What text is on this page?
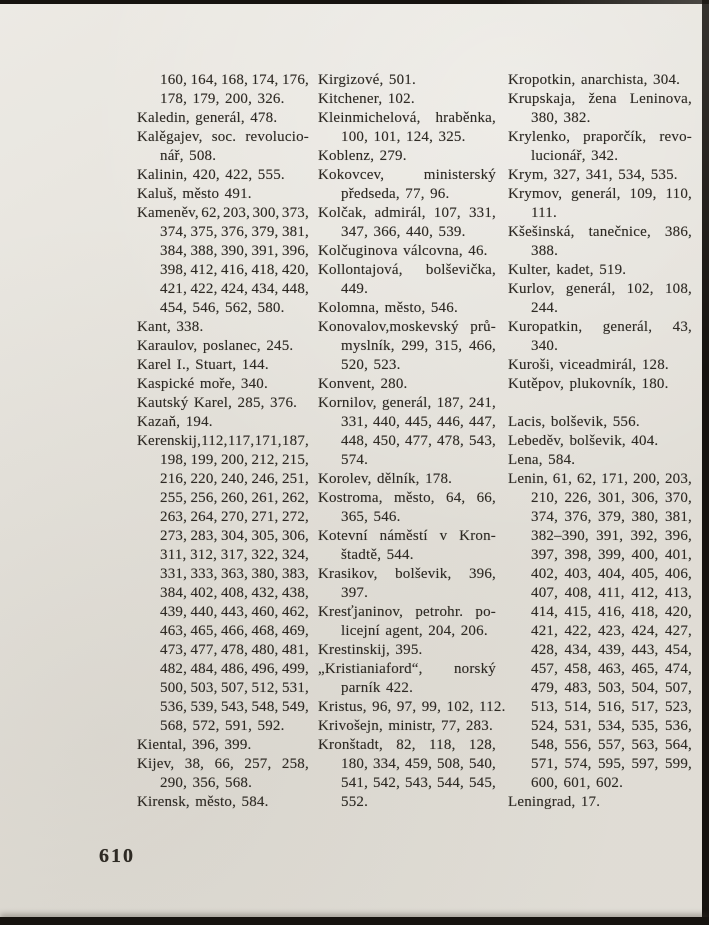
160, 164, 168, 174, 176,
178, 179, 200, 326.
Kaledin, generál, 478.
Kalěgajev, soc. revolucio-
nář, 508.
Kalinin, 420, 422, 555.
Kaluš, město 491.
Kameněv, 62, 203, 300, 373,
374, 375, 376, 379, 381,
384, 388, 390, 391, 396,
398, 412, 416, 418, 420,
421, 422, 424, 434, 448,
454, 546, 562, 580.
Kant, 338.
Karaulov, poslanec, 245.
Karel I., Stuart, 144.
Kaspické moře, 340.
Kautský Karel, 285, 376.
Kazaň, 194.
Kerenskij,112, 117, 171, 187,
198, 199, 200, 212, 215,
216, 220, 240, 246, 251,
255, 256, 260, 261, 262,
263, 264, 270, 271, 272,
273, 283, 304, 305, 306,
311, 312, 317, 322, 324,
331, 333, 363, 380, 383,
384, 402, 408, 432, 438,
439, 440, 443, 460, 462,
463, 465, 466, 468, 469,
473, 477, 478, 480, 481,
482, 484, 486, 496, 499,
500, 503, 507, 512, 531,
536, 539, 543, 548, 549,
568, 572, 591, 592.
Kiental, 396, 399.
Kijev, 38, 66, 257, 258,
290, 356, 568.
Kirensk, město, 584.
Kirgizové, 501.
Kitchener, 102.
Kleinmichelová, hraběnka,
100, 101, 124, 325.
Koblenz, 279.
Kokovcev,	ministerský
předseda, 77, 96.
Kolčak, admirál, 107, 331,
347, 366, 440, 539.
Kolčuginova válcovna, 46.
Kollontajová, bolševička,
449.
Kolomna, město, 546.
Konovalov,moskevský prů-
myslník, 299, 315, 466,
520, 523.
Konvent, 280.
Kornilov, generál, 187, 241,
331, 440, 445, 446, 447,
448, 450, 477, 478, 543,
574.
Korolev, dělník, 178.
Kostroma, město, 64, 66,
365, 546.
Kotevní náměstí v Kron-
štadtě, 544.
Krasikov, bolševik, 396,
397.
Kresťjaninov, petrohr. po-
licejní agent, 204, 206.
Krestinskij, 395.
„Kristianiaford“, norský
parník 422.
Kristus, 96, 97, 99, 102, 112.
Krivošejn, ministr, 77, 283.
Kronštadt, 82, 118, 128,
180, 334, 459, 508, 540,
541, 542, 543, 544, 545,
552.
Kropotkin, anarchista, 304.
Krupskaja, žena Leninova,
380, 382.
Krylenko, praporčík, revo-
lucionář, 342.
Krym, 327, 341, 534, 535.
Krymov, generál, 109, 110,
111.
Kšešinská, tanečnice, 386,
388.
Kulter, kadet, 519.
Kurlov, generál, 102, 108,
244.
Kuropatkin, generál, 43,
340.
Kuroši, viceadmirál, 128.
Kutěpov, plukovník, 180.

Lacis, bolševik, 556.
Lebeděv, bolševik, 404.
Lena, 584.
Lenin, 61, 62, 171, 200, 203,
210, 226, 301, 306, 370,
374, 376, 379, 380, 381,
382–390, 391, 392, 396,
397, 398, 399, 400, 401,
402, 403, 404, 405, 406,
407, 408, 411, 412, 413,
414, 415, 416, 418, 420,
421, 422, 423, 424, 427,
428, 434, 439, 443, 454,
457, 458, 463, 465, 474,
479, 483, 503, 504, 507,
513, 514, 516, 517, 523,
524, 531, 534, 535, 536,
548, 556, 557, 563, 564,
571, 574, 595, 597, 599,
600, 601, 602.
Leningrad, 17.
610
